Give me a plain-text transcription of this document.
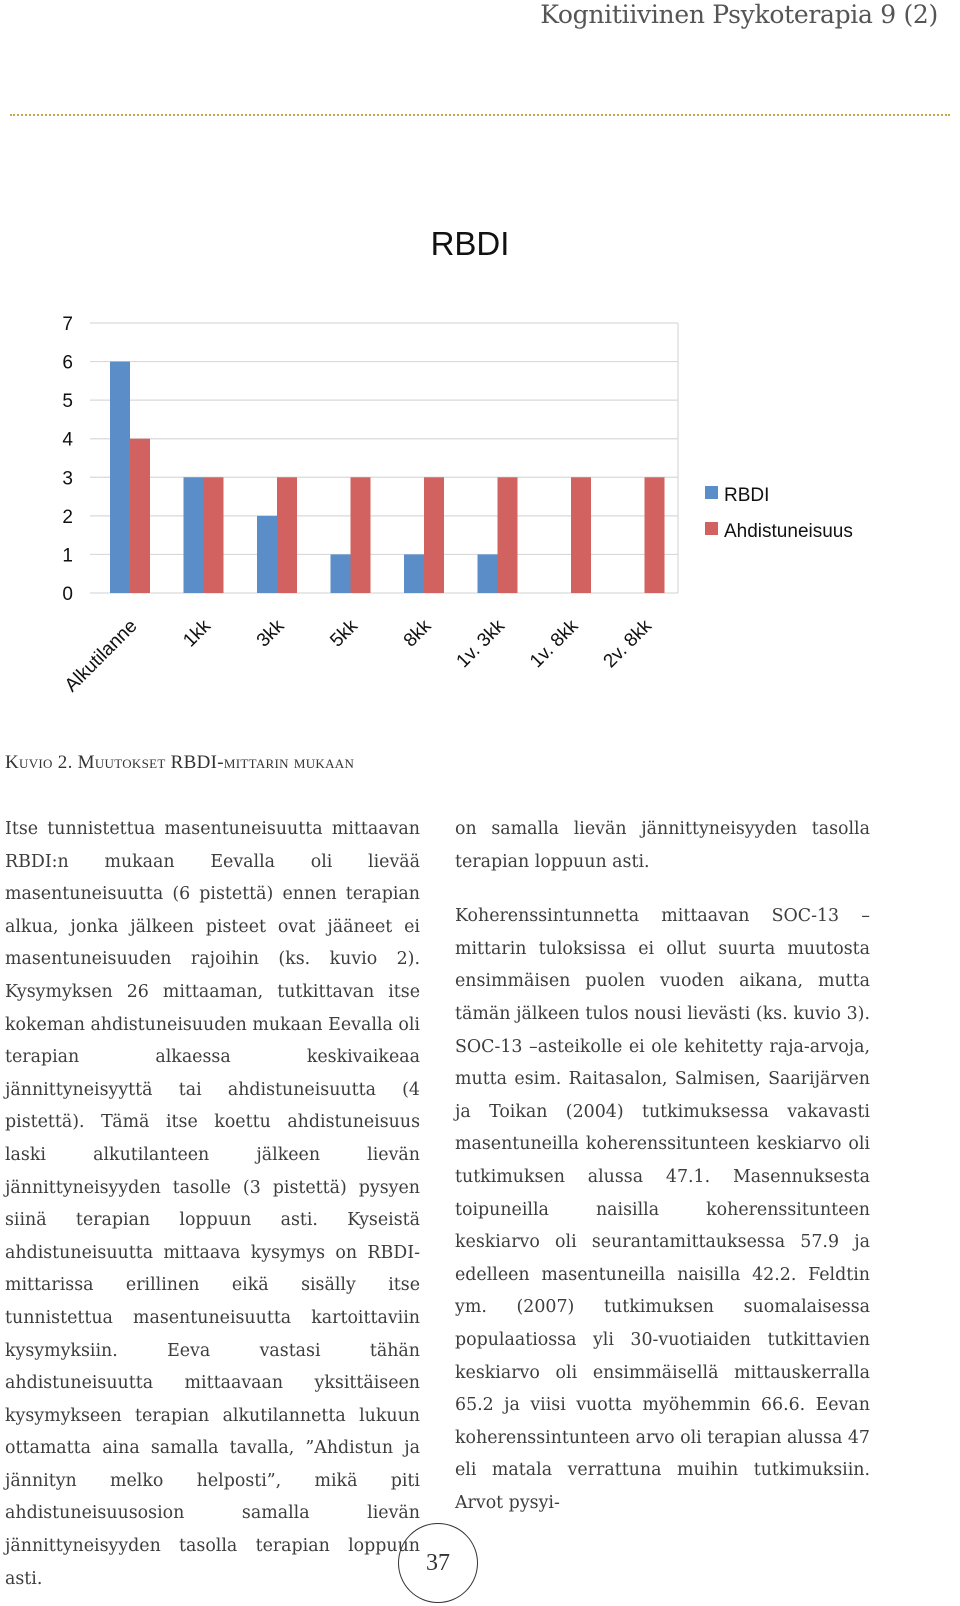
Kognitiivinen Psykoterapia 9 (2)
RBDI
0
1
2
3
4
5
6
7
Alkutilanne 1kk 3kk 5kk 8kk 1v. 3kk 1v. 8kk 2v. 8kk
RBDI
Ahdistuneisuus
Kuvio 2. Muutokset RBDI-mittarin mukaan

Itse tunnistettua masentuneisuutta mittaavan RBDI:n mukaan Eevalla oli lievää masentuneisuutta (6 pistettä) ennen terapian alkua, jonka jälkeen pisteet ovat jääneet ei masentuneisuuden rajoihin (ks. kuvio 2). Kysymyksen 26 mittaaman, tutkittavan itse kokeman ahdistuneisuuden mukaan Eevalla oli terapian alkaessa keskivaikeaa jännittyneisyyttä tai ahdistuneisuutta (4 pistettä). Tämä itse koettu ahdistuneisuus laski alkutilanteen jälkeen lievän jännittyneisyyden tasolle (3 pistettä) pysyen siinä terapian loppuun asti. Kyseistä ahdistuneisuutta mittaava kysymys on RBDI-mittarissa erillinen eikä sisälly itse tunnistettua masentuneisuutta kartoittaviin kysymyksiin. Eeva vastasi tähän ahdistuneisuutta mittaavaan yksittäiseen kysymykseen terapian alkutilannetta lukuun ottamatta aina samalla tavalla, ”Ahdistun ja jännityn melko helposti”, mikä piti ahdistuneisuusosion samalla lievän jännittyneisyyden tasolla terapian loppuun asti.

on samalla lievän jännittyneisyyden tasolla terapian loppuun asti.

Koherenssintunnetta mittaavan SOC-13 –mittarin tuloksissa ei ollut suurta muutosta ensimmäisen puolen vuoden aikana, mutta tämän jälkeen tulos nousi lievästi (ks. kuvio 3). SOC-13 –asteikolle ei ole kehitetty raja-arvoja, mutta esim. Raitasalon, Salmisen, Saarijärven ja Toikan (2004) tutkimuksessa vakavasti masentuneilla koherenssitunteen keskiarvo oli tutkimuksen alussa 47.1. Masennuksesta toipuneilla naisilla koherenssitunteen keskiarvo oli seurantamittauksessa 57.9 ja edelleen masentuneilla naisilla 42.2. Feldtin ym. (2007) tutkimuksen suomalaisessa populaatiossa yli 30-vuotiaiden tutkittavien keskiarvo oli ensimmäisellä mittauskerralla 65.2 ja viisi vuotta myöhemmin 66.6. Eevan koherenssintunteen arvo oli terapian alussa 47 eli matala verrattuna muihin tutkimuksiin. Arvot pysyi-

37
